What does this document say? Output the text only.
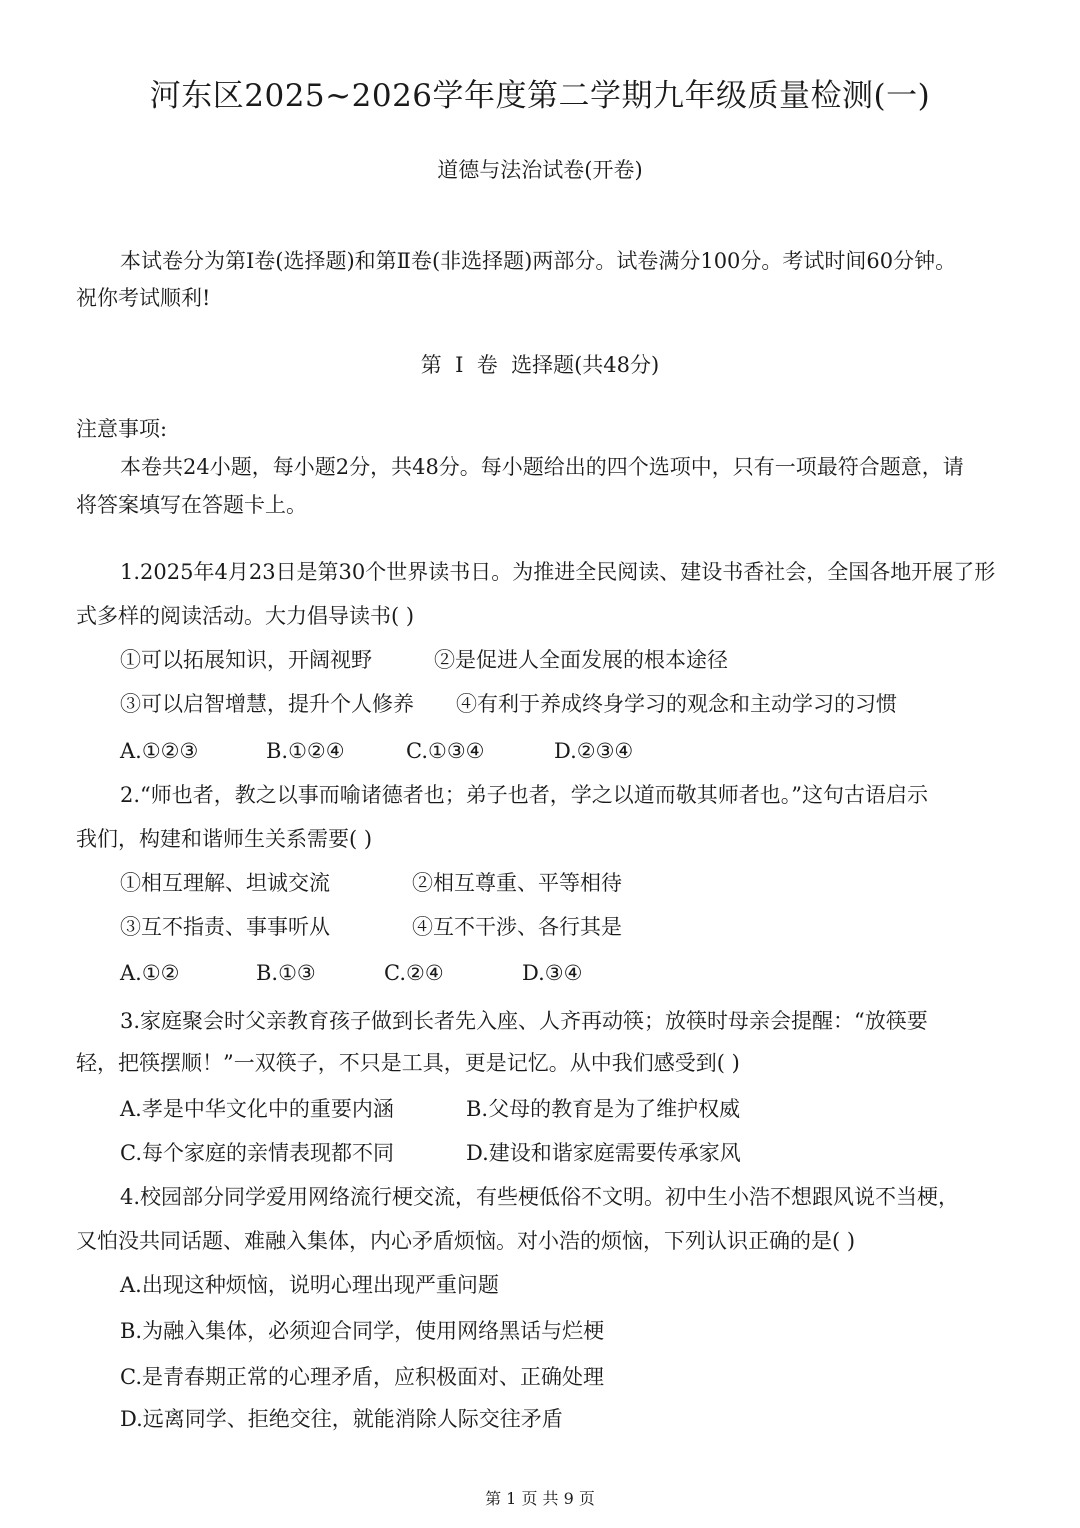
河东区2025~2026学年度第二学期九年级质量检测(一)
道德与法治试卷(开卷)
本试卷分为第Ⅰ卷(选择题)和第Ⅱ卷(非选择题)两部分。试卷满分100分。考试时间60分钟。
祝你考试顺利!
第  Ⅰ  卷  选择题(共48分)
注意事项:
本卷共24小题，每小题2分，共48分。每小题给出的四个选项中，只有一项最符合题意，请
将答案填写在答题卡上。
1.2025年4月23日是第30个世界读书日。为推进全民阅读、建设书香社会，全国各地开展了形
式多样的阅读活动。大力倡导读书( )
①可以拓展知识，开阔视野	②是促进人全面发展的根本途径
③可以启智增慧，提升个人修养 ④有利于养成终身学习的观念和主动学习的习惯
A.①②③	B.①②④	C.①③④	D.②③④
2.“师也者，教之以事而喻诸德者也；弟子也者，学之以道而敬其师者也。”这句古语启示
我们，构建和谐师生关系需要( )
①相互理解、坦诚交流	②相互尊重、平等相待
③互不指责、事事听从	④互不干涉、各行其是
A.①②	B.①③	C.②④	D.③④
3.家庭聚会时父亲教育孩子做到长者先入座、人齐再动筷；放筷时母亲会提醒：“放筷要
轻，把筷摆顺！”一双筷子，不只是工具，更是记忆。从中我们感受到( )
A.孝是中华文化中的重要内涵	B.父母的教育是为了维护权威
C.每个家庭的亲情表现都不同	D.建设和谐家庭需要传承家风
4.校园部分同学爱用网络流行梗交流，有些梗低俗不文明。初中生小浩不想跟风说不当梗，
又怕没共同话题、难融入集体，内心矛盾烦恼。对小浩的烦恼，下列认识正确的是( )
A.出现这种烦恼，说明心理出现严重问题
B.为融入集体，必须迎合同学，使用网络黑话与烂梗
C.是青春期正常的心理矛盾，应积极面对、正确处理
D.远离同学、拒绝交往，就能消除人际交往矛盾
第 1 页 共 9 页
